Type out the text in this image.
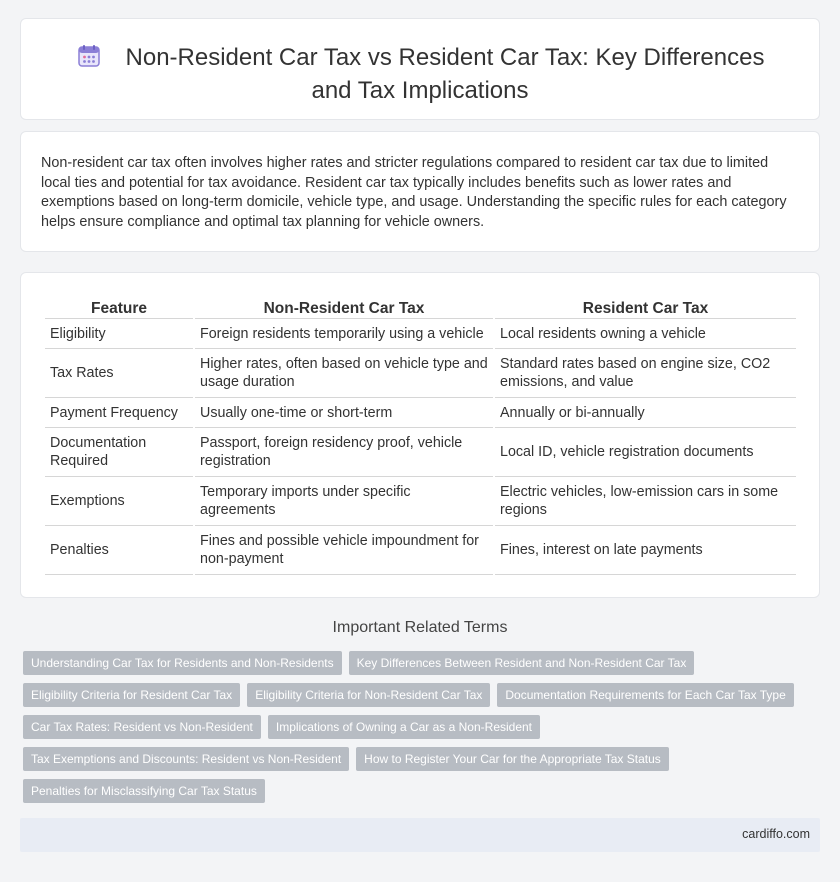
Non-Resident Car Tax vs Resident Car Tax: Key Differences and Tax Implications

Non-resident car tax often involves higher rates and stricter regulations compared to resident car tax due to limited local ties and potential for tax avoidance. Resident car tax typically includes benefits such as lower rates and exemptions based on long-term domicile, vehicle type, and usage. Understanding the specific rules for each category helps ensure compliance and optimal tax planning for vehicle owners.

Feature	Non-Resident Car Tax	Resident Car Tax
Eligibility	Foreign residents temporarily using a vehicle	Local residents owning a vehicle
Tax Rates	Higher rates, often based on vehicle type and usage duration	Standard rates based on engine size, CO2 emissions, and value
Payment Frequency	Usually one-time or short-term	Annually or bi-annually
Documentation Required	Passport, foreign residency proof, vehicle registration	Local ID, vehicle registration documents
Exemptions	Temporary imports under specific agreements	Electric vehicles, low-emission cars in some regions
Penalties	Fines and possible vehicle impoundment for non-payment	Fines, interest on late payments
Important Related Terms
Understanding Car Tax for Residents and Non-Residents	Key Differences Between Resident and Non-Resident Car Tax
Eligibility Criteria for Resident Car Tax	Eligibility Criteria for Non-Resident Car Tax	Documentation Requirements for Each Car Tax Type
Car Tax Rates: Resident vs Non-Resident	Implications of Owning a Car as a Non-Resident
Tax Exemptions and Discounts: Resident vs Non-Resident	How to Register Your Car for the Appropriate Tax Status
Penalties for Misclassifying Car Tax Status
cardiffo.com
